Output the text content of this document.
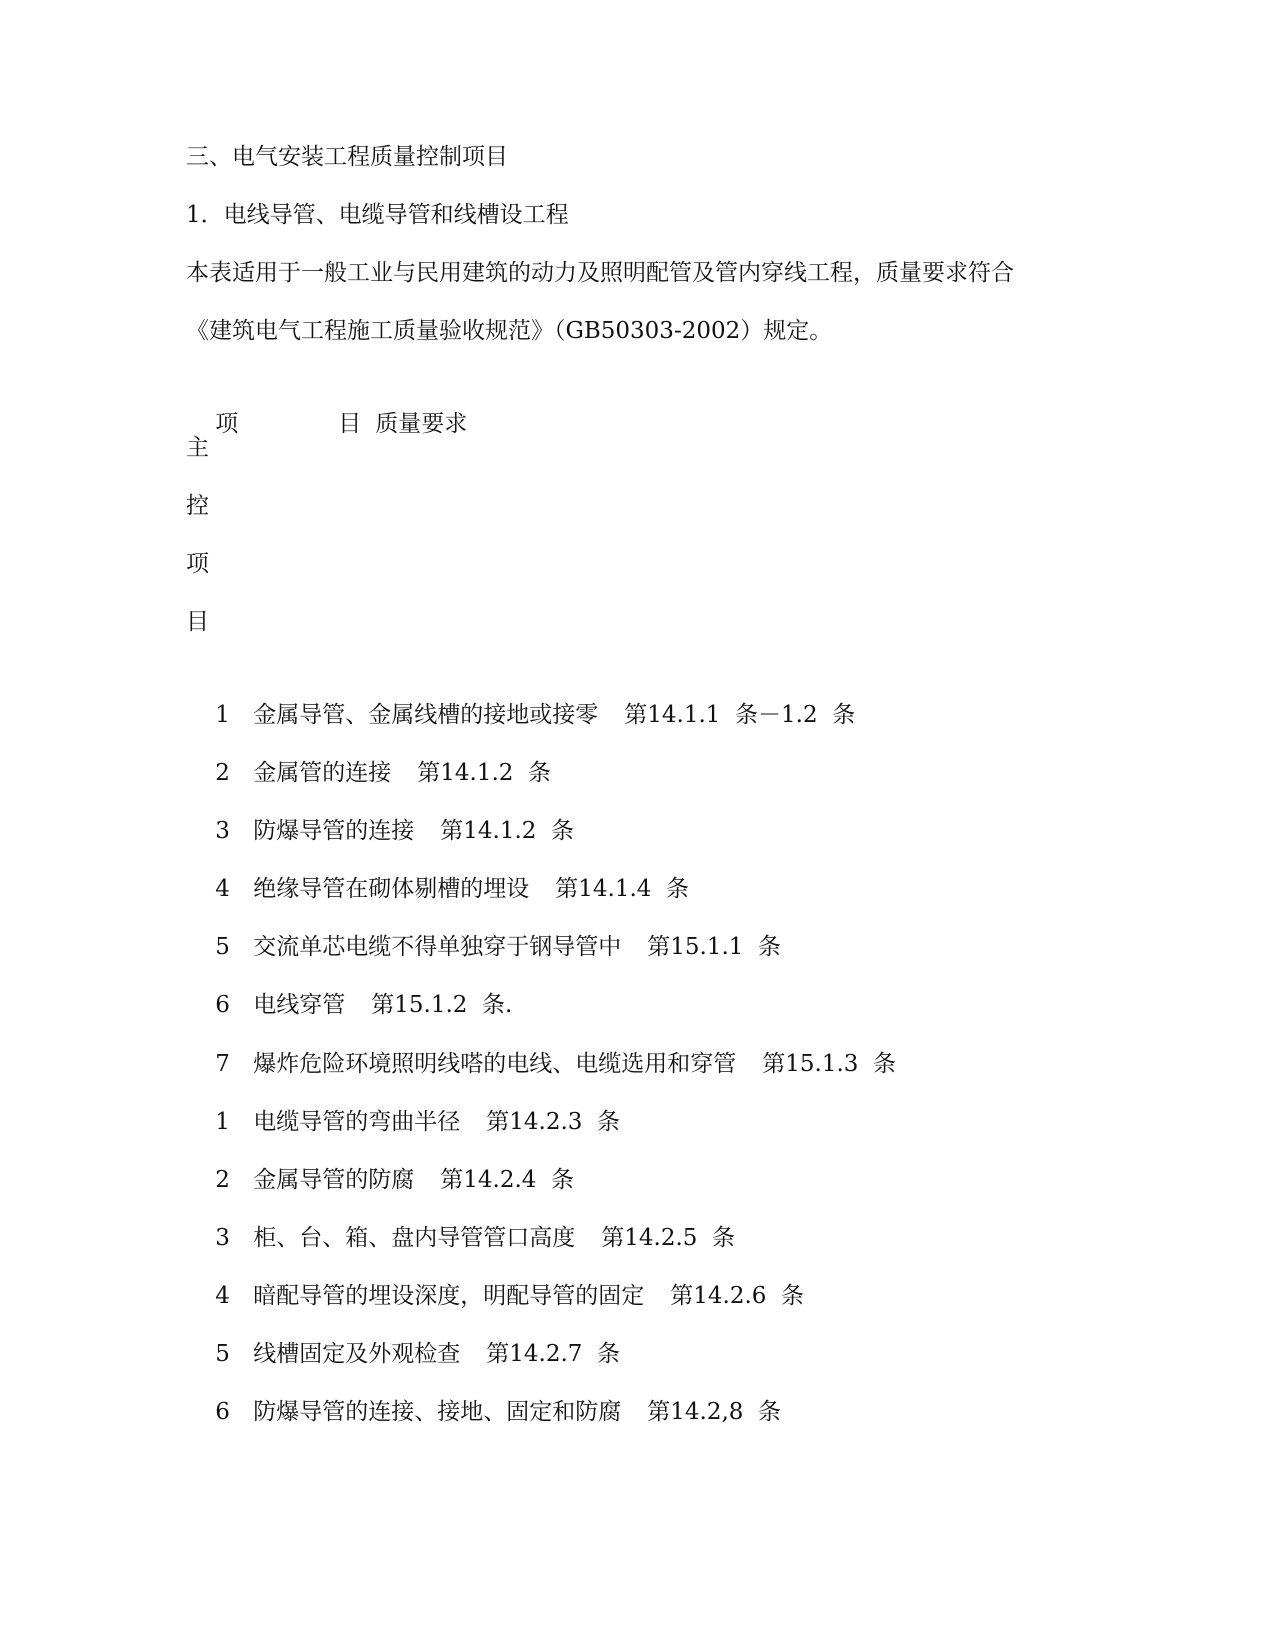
三、电气安装工程质量控制项目
1．电线导管、电缆导管和线槽设工程
本表适用于一般工业与民用建筑的动力及照明配管及管内穿线工程，质量要求符合
《建筑电气工程施工质量验收规范》（GB50303-2002）规定。

项	目 质量要求

主
控
项
目

1 金属导管、金属线槽的接地或接零 第14.1.1  条－1.2  条

2 金属管的连接 第14.1.2  条

3 防爆导管的连接 第14.1.2  条

4 绝缘导管在砌体剔槽的埋设 第14.1.4  条

5 交流单芯电缆不得单独穿于钢导管中 第15.1.1  条

6 电线穿管 第15.1.2  条.

7 爆炸危险环境照明线嗒的电线、电缆选用和穿管 第15.1.3  条

1 电缆导管的弯曲半径 第14.2.3  条

2 金属导管的防腐 第14.2.4  条

3 柜、台、箱、盘内导管管口高度 第14.2.5  条

4 暗配导管的埋设深度，明配导管的固定 第14.2.6  条

5 线槽固定及外观检查 第14.2.7  条

6 防爆导管的连接、接地、固定和防腐 第14.2,8  条
